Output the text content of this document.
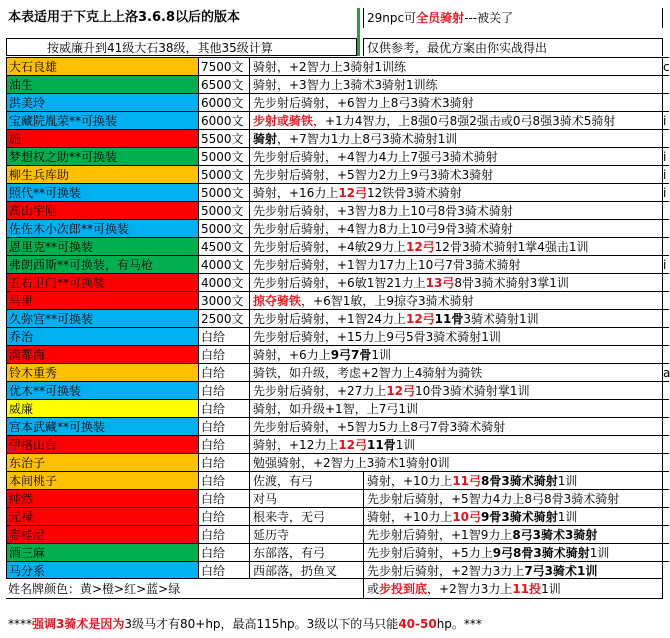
本表适用于下克上上洛3.6.8以后的版本	29npc可全员骑射---被关了
按威廉升到41级大石38级，其他35级计算	仅供参考，最优方案由你实战得出
大石良雄	7500文 骑射，+2智力上3骑射1训练	c
油生	6500文 骑射，+3智力上3骑术3骑射1训练
洪美玲	6000文 先步射后骑射，+6智力上8弓3骑术3骑射
宝藏院胤荣**可换装	6000文 步射或骑铁，+1力4智力，上8强0弓8强2强击或0弓8强3骑术5骑射	i
施	5500文 骑射，+7智力1力上8弓3骑术骑射1训
梦想权之助**可换装	5000文 先步射后骑射，+4智力4力上7强弓3骑术骑射	i
柳生兵库助	5000文 先步射后骑射，+5智力2力上9弓3骑术3骑射	i
照代**可换装	5000文 骑射，+16力上12弓12铁骨3骑术骑射	i
高山宇刚	5000文 先步射后骑射，+3智力8力上10弓8骨3骑术骑射
佐佐木小次郎**可换装	5000文 先步射后骑射，+4智力8力上10弓9骨3骑术骑射
恩里克**可换装	4500文 先步射后骑射，+4敏29力上12弓12骨3骑术骑射1掌4强击1训
弗朗西斯**可换装，有马枪	4000文 先步射后骑射，+1智力17力上10弓7骨3骑术骑射	i
五右卫门**可换装	4000文 先步射后骑射，+6敏1智21力上13弓8骨3骑术骑射3掌1训
马里	3000文 掠夺骑铁，+6智1敏，上9掠夺3骑术骑射
久弥宫**可换装	2500文 先步射后骑射，+1智24力上12弓11骨3骑术骑射1训
乔治	白给	先步射后骑射，+15力上9弓5骨3骑术骑射1训
满都海	白给	骑射，+6力上9弓7骨1训
铃木重秀	白给	骑铁，如升级，考虑+2智力上4骑射为骑铁	a
优木**可换装	白给	先步射后骑射，+27力上12弓10骨3骑术骑射掌1训
威廉	白给	骑射，如升级+1智，上7弓1训
宫本武藏**可换装	白给	先步射后骑射，+5智力5力上8弓7骨3骑术骑射
伊格山台	白给	骑射，+12力上12弓11骨1训
东治子	白给	勉强骑射，+2智力上3骑术1骑射0训
本间桃子	白给	佐渡，有弓	骑射，+10力上11弓8骨3骑术骑射1训
纯然	白给	对马	先步射后骑射，+5智力4力上8弓8骨3骑术骑射
元禄	白给	根来寺，无弓	骑射，+10力上10弓9骨3骑术骑射1训
春桂尼	白给	延历寺	先步射后骑射，+1智9力上8弓3骑术3骑射
酒三麻	白给	东部落，有弓	先步射后骑射，+5力上9弓8骨3骑术骑射1训
马分系	白给	西部落，扔鱼叉	先步射后骑射，+2智力3力上7弓3骑术1训
姓名牌颜色：黄>橙>红>蓝>绿	或步投到底，+2智力3力上11投1训
****强调3骑术是因为3级马才有80+hp，最高115hp。3级以下的马只能40-50hp。***
